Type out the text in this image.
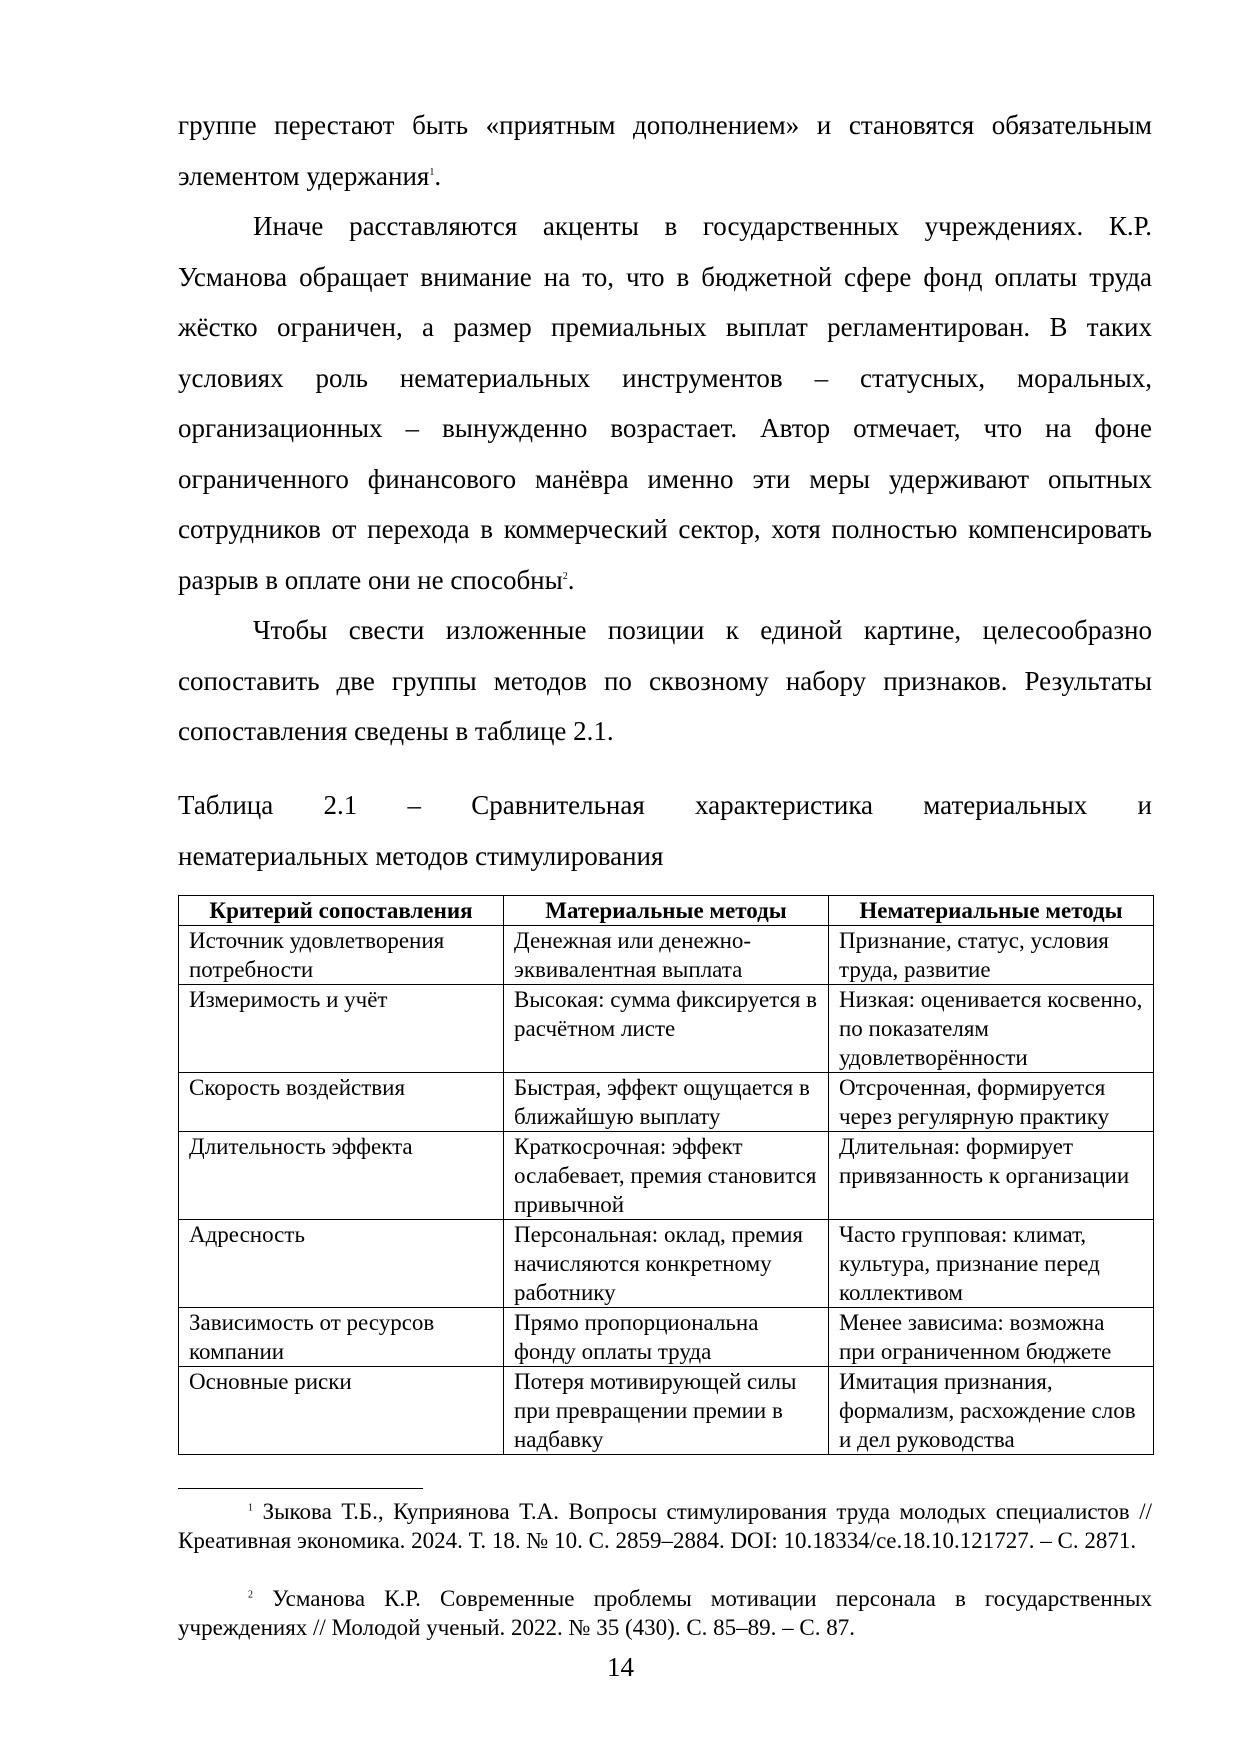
группе перестают быть «приятным дополнением» и становятся обязательным элементом удержания$^1$.

Иначе расставляются акценты в государственных учреждениях. К.Р. Усманова обращает внимание на то, что в бюджетной сфере фонд оплаты труда жёстко ограничен, а размер премиальных выплат регламентирован. В таких условиях роль нематериальных инструментов – статусных, моральных, организационных – вынужденно возрастает. Автор отмечает, что на фоне ограниченного финансового манёвра именно эти меры удерживают опытных сотрудников от перехода в коммерческий сектор, хотя полностью компенсировать разрыв в оплате они не способны$^2$.

Чтобы свести изложенные позиции к единой картине, целесообразно сопоставить две группы методов по сквозному набору признаков. Результаты сопоставления сведены в таблице 2.1.

Таблица 2.1 – Сравнительная характеристика материальных и
нематериальных методов стимулирования

Критерий сопоставления	Материальные методы	Нематериальные методы
Источник удовлетворения потребности	Денежная или денежно-эквивалентная выплата	Признание, статус, условия труда, развитие
Измеримость и учёт	Высокая: сумма фиксируется в расчётном листе	Низкая: оценивается косвенно, по показателям удовлетворённости
Скорость воздействия	Быстрая, эффект ощущается в ближайшую выплату	Отсроченная, формируется через регулярную практику
Длительность эффекта	Краткосрочная: эффект ослабевает, премия становится привычной	Длительная: формирует привязанность к организации
Адресность	Персональная: оклад, премия начисляются конкретному работнику	Часто групповая: климат, культура, признание перед коллективом
Зависимость от ресурсов компании	Прямо пропорциональна фонду оплаты труда	Менее зависима: возможна при ограниченном бюджете
Основные риски	Потеря мотивирующей силы при превращении премии в надбавку	Имитация признания, формализм, расхождение слов и дел руководства

$^1$ Зыкова Т.Б., Куприянова Т.А. Вопросы стимулирования труда молодых специалистов // Креативная экономика. 2024. Т. 18. № 10. С. 2859–2884. DOI: 10.18334/ce.18.10.121727. – С. 2871.

$^2$ Усманова К.Р. Современные проблемы мотивации персонала в государственных учреждениях // Молодой ученый. 2022. № 35 (430). С. 85–89. – С. 87.

14
